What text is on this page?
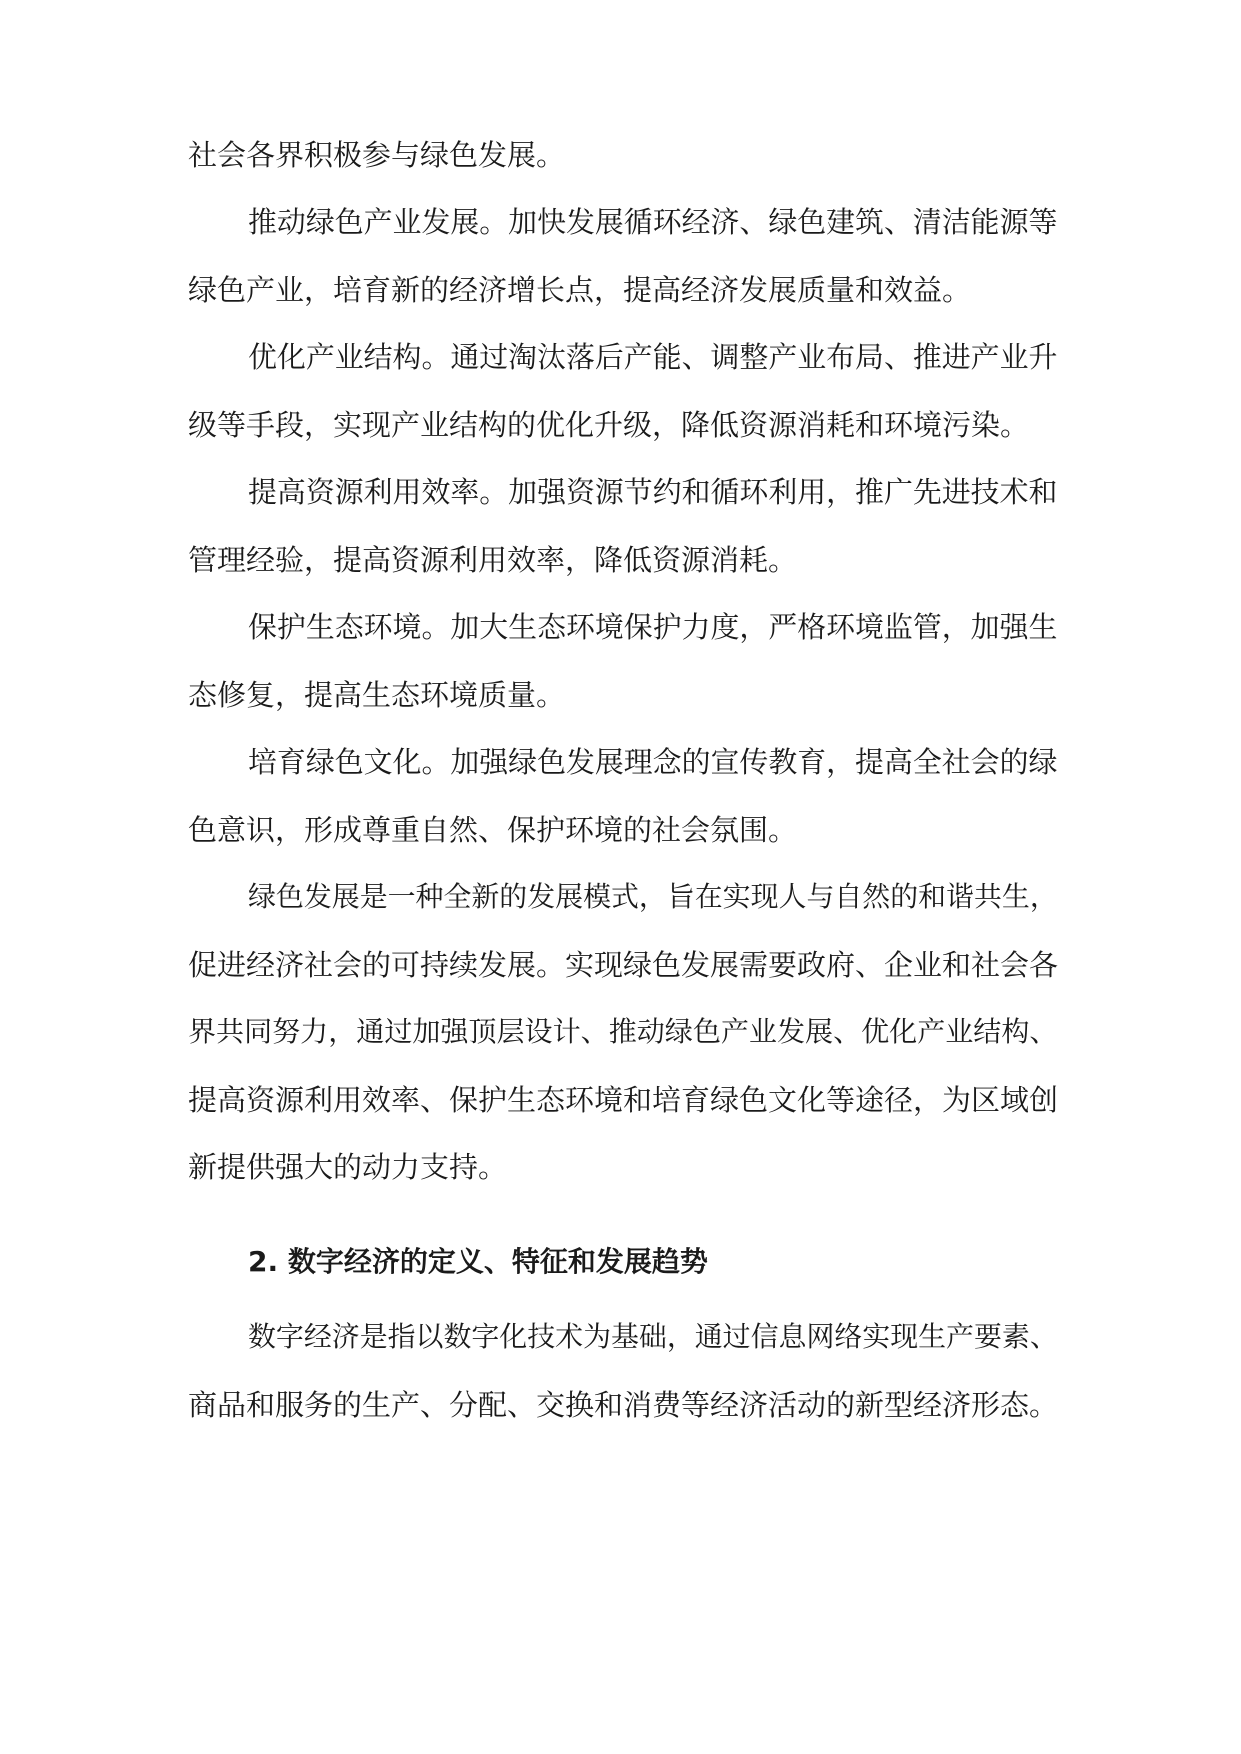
社会各界积极参与绿色发展。
推动绿色产业发展。加快发展循环经济、绿色建筑、清洁能源等
绿色产业，培育新的经济增长点，提高经济发展质量和效益。
优化产业结构。通过淘汰落后产能、调整产业布局、推进产业升
级等手段，实现产业结构的优化升级，降低资源消耗和环境污染。
提高资源利用效率。加强资源节约和循环利用，推广先进技术和
管理经验，提高资源利用效率，降低资源消耗。
保护生态环境。加大生态环境保护力度，严格环境监管，加强生
态修复，提高生态环境质量。
培育绿色文化。加强绿色发展理念的宣传教育，提高全社会的绿
色意识，形成尊重自然、保护环境的社会氛围。
绿色发展是一种全新的发展模式，旨在实现人与自然的和谐共生，
促进经济社会的可持续发展。实现绿色发展需要政府、企业和社会各
界共同努力，通过加强顶层设计、推动绿色产业发展、优化产业结构、
提高资源利用效率、保护生态环境和培育绿色文化等途径，为区域创
新提供强大的动力支持。
2. 数字经济的定义、特征和发展趋势
数字经济是指以数字化技术为基础，通过信息网络实现生产要素、
商品和服务的生产、分配、交换和消费等经济活动的新型经济形态。
